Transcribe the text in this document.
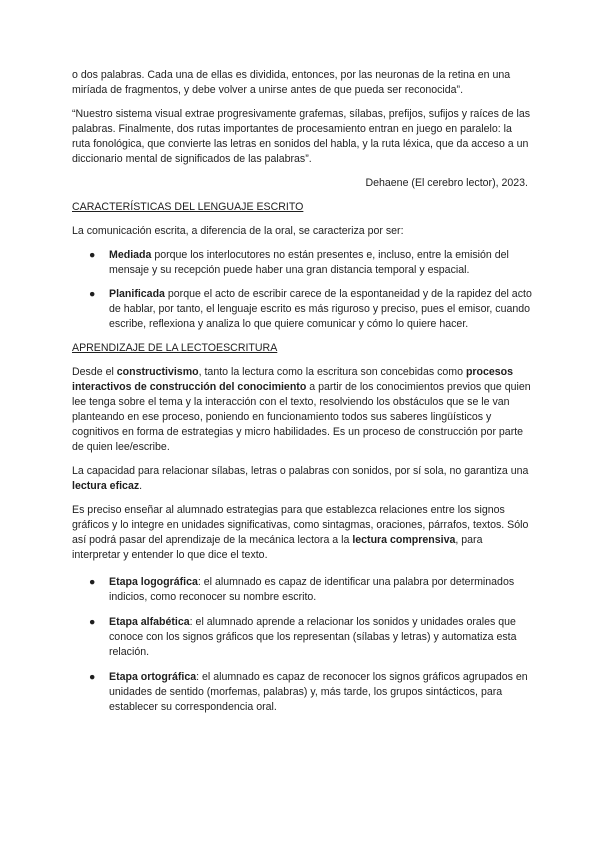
o dos palabras. Cada una de ellas es dividida, entonces, por las neuronas de la retina en una miríada de fragmentos, y debe volver a unirse antes de que pueda ser reconocida”.

“Nuestro sistema visual extrae progresivamente grafemas, sílabas, prefijos, sufijos y raíces de las palabras. Finalmente, dos rutas importantes de procesamiento entran en juego en paralelo: la ruta fonológica, que convierte las letras en sonidos del habla, y la ruta léxica, que da acceso a un diccionario mental de significados de las palabras”.

Dehaene (El cerebro lector), 2023.

CARACTERÍSTICAS DEL LENGUAJE ESCRITO

La comunicación escrita, a diferencia de la oral, se caracteriza por ser:

● Mediada porque los interlocutores no están presentes e, incluso, entre la emisión del mensaje y su recepción puede haber una gran distancia temporal y espacial.
● Planificada porque el acto de escribir carece de la espontaneidad y de la rapidez del acto de hablar, por tanto, el lenguaje escrito es más riguroso y preciso, pues el emisor, cuando escribe, reflexiona y analiza lo que quiere comunicar y cómo lo quiere hacer.
APRENDIZAJE DE LA LECTOESCRITURA

Desde el constructivismo, tanto la lectura como la escritura son concebidas como procesos interactivos de construcción del conocimiento a partir de los conocimientos previos que quien lee tenga sobre el tema y la interacción con el texto, resolviendo los obstáculos que se le van planteando en ese proceso, poniendo en funcionamiento todos sus saberes lingüísticos y cognitivos en forma de estrategias y micro habilidades. Es un proceso de construcción por parte de quien lee/escribe.

La capacidad para relacionar sílabas, letras o palabras con sonidos, por sí sola, no garantiza una lectura eficaz.

Es preciso enseñar al alumnado estrategias para que establezca relaciones entre los signos gráficos y lo integre en unidades significativas, como sintagmas, oraciones, párrafos, textos. Sólo así podrá pasar del aprendizaje de la mecánica lectora a la lectura comprensiva, para interpretar y entender lo que dice el texto.

● Etapa logográfica: el alumnado es capaz de identificar una palabra por determinados indicios, como reconocer su nombre escrito.
● Etapa alfabética: el alumnado aprende a relacionar los sonidos y unidades orales que conoce con los signos gráficos que los representan (sílabas y letras) y automatiza esta relación.
● Etapa ortográfica: el alumnado es capaz de reconocer los signos gráficos agrupados en unidades de sentido (morfemas, palabras) y, más tarde, los grupos sintácticos, para establecer su correspondencia oral.
